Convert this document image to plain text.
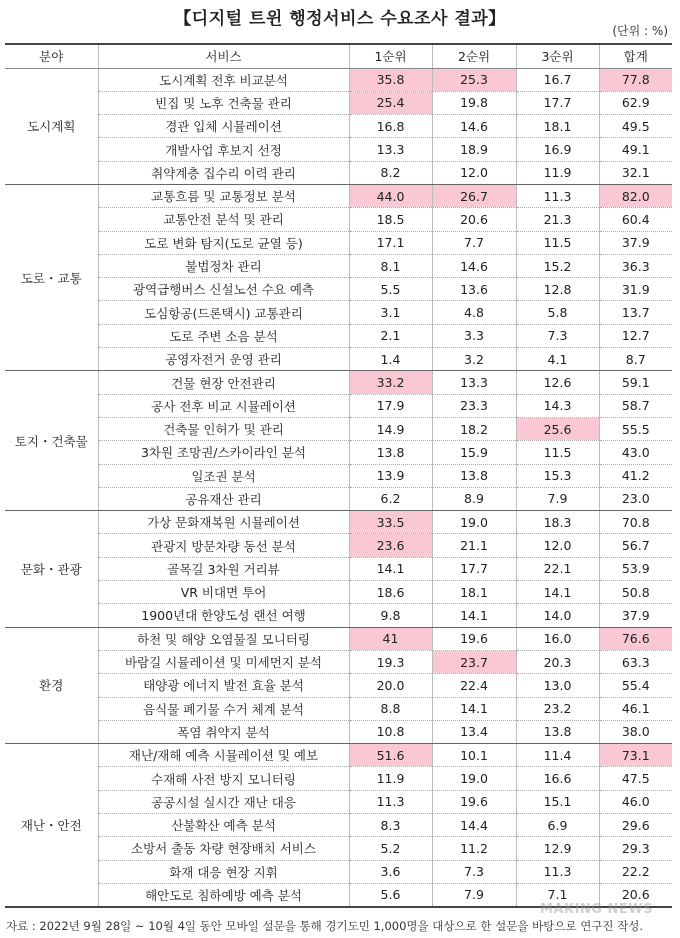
【디지털 트윈 행정서비스 수요조사 결과】
(단위 : %)
분야	서비스	1순위	2순위	3순위	합계
도시계획	도시계획 전후 비교분석	35.8	25.3	16.7	77.8
	빈집 및 노후 건축물 관리	25.4	19.8	17.7	62.9
	경관 입체 시뮬레이션	16.8	14.6	18.1	49.5
	개발사업 후보지 선정	13.3	18.9	16.9	49.1
	취약계층 집수리 이력 관리	8.2	12.0	11.9	32.1
도로・교통	교통흐름 및 교통정보 분석	44.0	26.7	11.3	82.0
	교통안전 분석 및 관리	18.5	20.6	21.3	60.4
	도로 변화 탐지(도로 균열 등)	17.1	7.7	11.5	37.9
	불법정차 관리	8.1	14.6	15.2	36.3
	광역급행버스 신설노선 수요 예측	5.5	13.6	12.8	31.9
	도심항공(드론택시) 교통관리	3.1	4.8	5.8	13.7
	도로 주변 소음 분석	2.1	3.3	7.3	12.7
	공영자전거 운영 관리	1.4	3.2	4.1	8.7
토지・건축물	건물 현장 안전관리	33.2	13.3	12.6	59.1
	공사 전후 비교 시뮬레이션	17.9	23.3	14.3	58.7
	건축물 인허가 및 관리	14.9	18.2	25.6	55.5
	3차원 조망권/스카이라인 분석	13.8	15.9	11.5	43.0
	일조권 분석	13.9	13.8	15.3	41.2
	공유재산 관리	6.2	8.9	7.9	23.0
문화・관광	가상 문화재복원 시뮬레이션	33.5	19.0	18.3	70.8
	관광지 방문차량 동선 분석	23.6	21.1	12.0	56.7
	골목길 3차원 거리뷰	14.1	17.7	22.1	53.9
	VR 비대면 투어	18.6	18.1	14.1	50.8
	1900년대 한양도성 랜선 여행	9.8	14.1	14.0	37.9
환경	하천 및 해양 오염물질 모니터링	41	19.6	16.0	76.6
	바람길 시뮬레이션 및 미세먼지 분석	19.3	23.7	20.3	63.3
	태양광 에너지 발전 효율 분석	20.0	22.4	13.0	55.4
	음식물 폐기물 수거 체계 분석	8.8	14.1	23.2	46.1
	폭염 취약지 분석	10.8	13.4	13.8	38.0
재난・안전	재난/재해 예측 시뮬레이션 및 예보	51.6	10.1	11.4	73.1
	수재해 사전 방지 모니터링	11.9	19.0	16.6	47.5
	공공시설 실시간 재난 대응	11.3	19.6	15.1	46.0
	산불확산 예측 분석	8.3	14.4	6.9	29.6
	소방서 출동 차량 현장배치 서비스	5.2	11.2	12.9	29.3
	화재 대응 현장 지휘	3.6	7.3	11.3	22.2
	해안도로 침하예방 예측 분석	5.6	7.9	7.1	20.6
MAKING NEWS
자료 : 2022년 9월 28일 ~ 10월 4일 동안 모바일 설문을 통해 경기도민 1,000명을 대상으로 한 설문을 바탕으로 연구진 작성.
